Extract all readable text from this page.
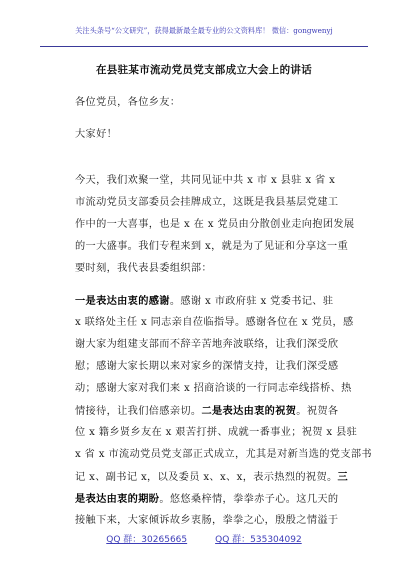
关注头条号“公文研究”，获得最新最全最专业的公文资料库！ 微信：gongwenyj
在县驻某市流动党员党支部成立大会上的讲话
各位党员，各位乡友：
大家好！
今天，我们欢聚一堂，共同见证中共 x 市 x 县驻 x 省 x
市流动党员支部委员会挂牌成立，这既是我县基层党建工
作中的一大喜事，也是 x 在 x 党员由分散创业走向抱团发展
的一大盛事。我们专程来到 x，就是为了见证和分享这一重
要时刻，我代表县委组织部：
一是表达由衷的感谢。感谢 x 市政府驻 x 党委书记、驻
x 联络处主任 x 同志亲自莅临指导。感谢各位在 x 党员，感
谢大家为组建支部而不辞辛苦地奔波联络，让我们深受欣
慰；感谢大家长期以来对家乡的深情支持，让我们深受感
动；感谢大家对我们来 x 招商洽谈的一行同志牵线搭桥、热
情接待，让我们倍感亲切。二是表达由衷的祝贺。祝贺各
位 x 籍乡贤乡友在 x 艰苦打拼、成就一番事业；祝贺 x 县驻
x 省 x 市流动党员党支部正式成立，尤其是对新当选的党支部书
记 x、副书记 x，以及委员 x、x、x，表示热烈的祝贺。三
是表达由衷的期盼。悠悠桑梓情，拳拳赤子心。这几天的
接触下来，大家倾诉故乡衷肠，拳拳之心，殷殷之情溢于
QQ 群：30265665	QQ 群：535304092
